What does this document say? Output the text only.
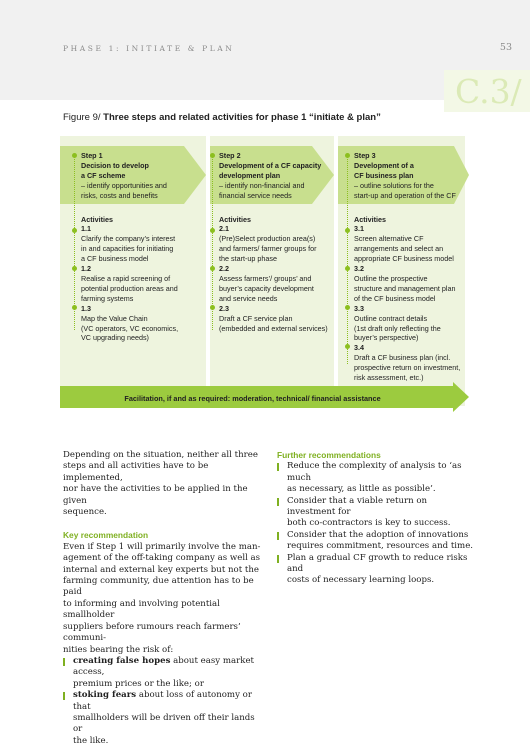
PHASE 1: INITIATE & PLAN	53
C.3/
Figure 9/ Three steps and related activities for phase 1 “initiate & plan”
Step 1
Decision to develop
a CF scheme
– identify opportunities and
risks, costs and benefits
Activities
1.1
Clarify the company’s interest
in and capacities for initiating
a CF business model
1.2
Realise a rapid screening of
potential production areas and
farming systems
1.3
Map the Value Chain
(VC operators, VC economics,
VC upgrading needs)
Step 2
Development of a CF capacity
development plan
– identify non-financial and
financial service needs
Activities
2.1
(Pre)Select production area(s)
and farmers/ farmer groups for
the start-up phase
2.2
Assess farmers’/ groups’ and
buyer’s capacity development
and service needs
2.3
Draft a CF service plan
(embedded and external services)
Step 3
Development of a
CF business plan
– outline solutions for the
start-up and operation of the CF
Activities
3.1
Screen alternative CF
arrangements and select an
appropriate CF business model
3.2
Outline the prospective
structure and management plan
of the CF business model
3.3
Outline contract details
(1st draft only reflecting the
buyer’s perspective)
3.4
Draft a CF business plan (incl.
prospective return on investment,
risk assessment, etc.)
Facilitation, if and as required: moderation, technical/ financial assistance
Depending on the situation, neither all three
steps and all activities have to be implemented,
nor have the activities to be applied in the given
sequence.
Key recommendation
Even if Step 1 will primarily involve the man-
agement of the off-taking company as well as
internal and external key experts but not the
farming community, due attention has to be paid
to informing and involving potential smallholder
suppliers before rumours reach farmers’ communi-
nities bearing the risk of:
creating false hopes about easy market access,
premium prices or the like; or
stoking fears about loss of autonomy or that
smallholders will be driven off their lands or
the like.
Further recommendations
Reduce the complexity of analysis to ‘as much
as necessary, as little as possible’.
Consider that a viable return on investment for
both co-contractors is key to success.
Consider that the adoption of innovations
requires commitment, resources and time.
Plan a gradual CF growth to reduce risks and
costs of necessary learning loops.
